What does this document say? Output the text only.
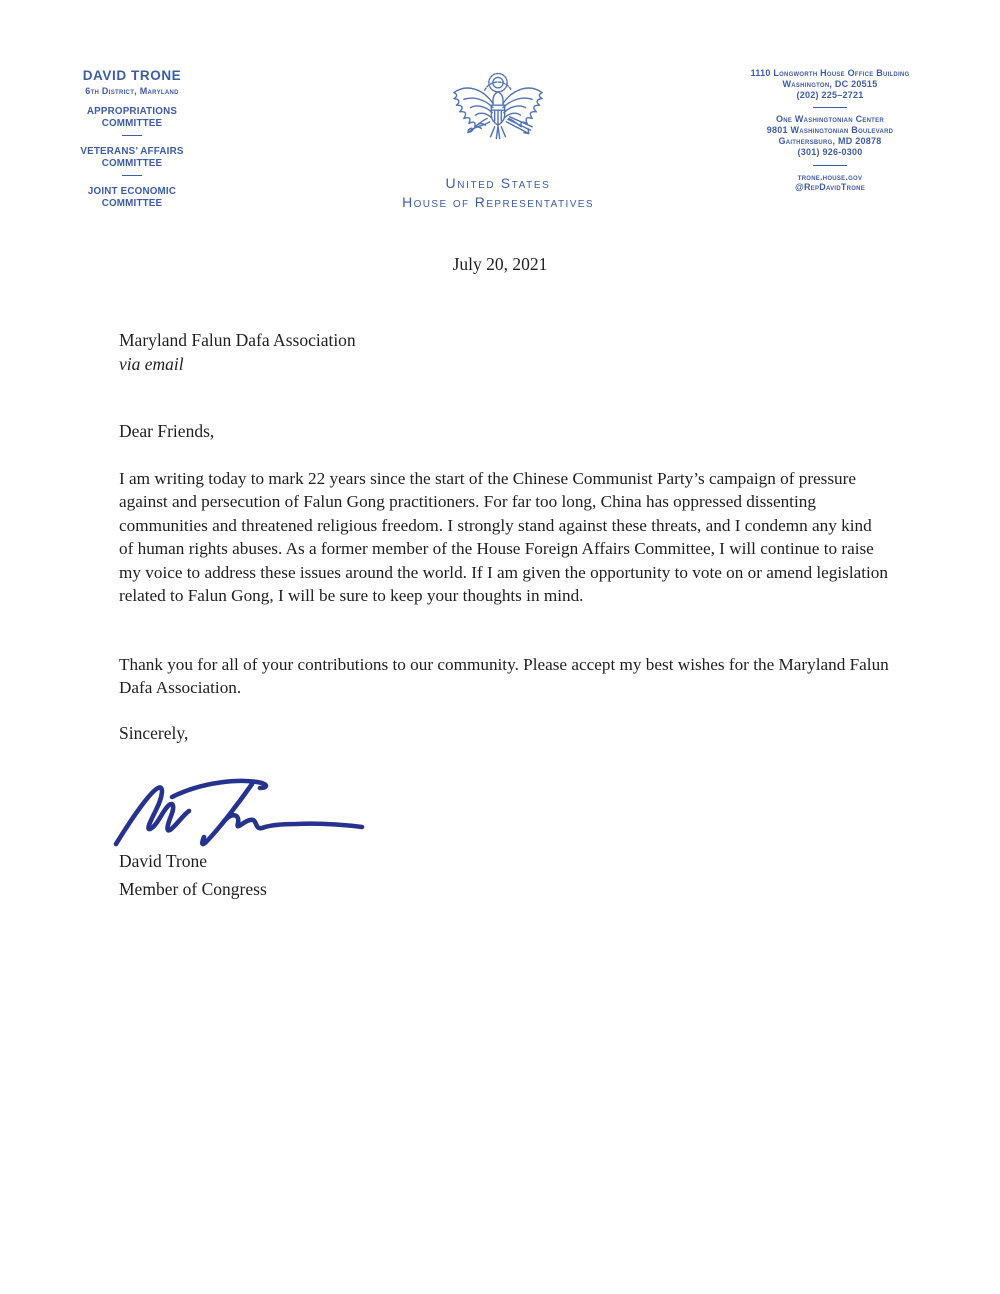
DAVID TRONE
6th District, Maryland
APPROPRIATIONS
COMMITTEE
VETERANS’ AFFAIRS
COMMITTEE
JOINT ECONOMIC
COMMITTEE
United States
House of Representatives
1110 Longworth House Office Building
Washington, DC 20515
(202) 225–2721
One Washingtonian Center
9801 Washingtonian Boulevard
Gaithersburg, MD 20878
(301) 926-0300
trone.house.gov
@RepDavidTrone
July 20, 2021
Maryland Falun Dafa Association
via email
Dear Friends,
I am writing today to mark 22 years since the start of the Chinese Communist Party’s campaign of pressure against and persecution of Falun Gong practitioners. For far too long, China has oppressed dissenting communities and threatened religious freedom. I strongly stand against these threats, and I condemn any kind of human rights abuses. As a former member of the House Foreign Affairs Committee, I will continue to raise my voice to address these issues around the world. If I am given the opportunity to vote on or amend legislation related to Falun Gong, I will be sure to keep your thoughts in mind.
Thank you for all of your contributions to our community. Please accept my best wishes for the Maryland Falun Dafa Association.
Sincerely,
David Trone
Member of Congress
